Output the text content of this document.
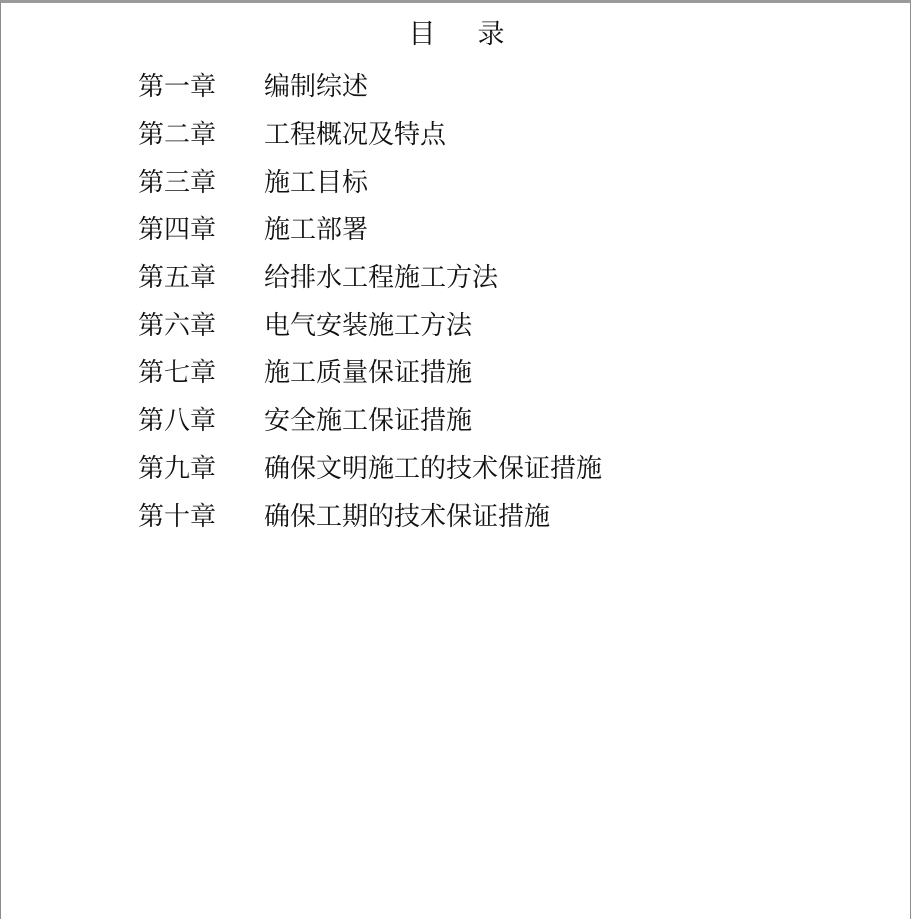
目 录
第一章	编制综述
第二章	工程概况及特点
第三章	施工目标
第四章	施工部署
第五章	给排水工程施工方法
第六章	电气安装施工方法
第七章	施工质量保证措施
第八章	安全施工保证措施
第九章	确保文明施工的技术保证措施
第十章	确保工期的技术保证措施
